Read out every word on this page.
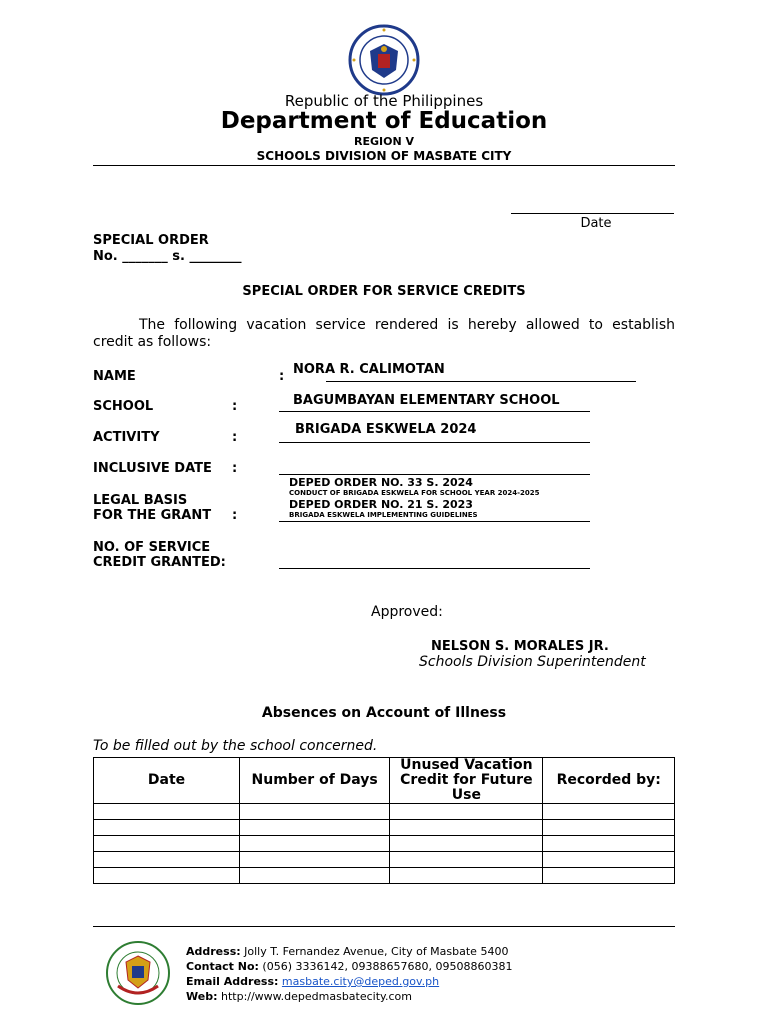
Republic of the Philippines
Department of Education
REGION V
SCHOOLS DIVISION OF MASBATE CITY
Date
SPECIAL ORDER
No. _______ s. ________
SPECIAL ORDER FOR SERVICE CREDITS
The following vacation service rendered is hereby allowed to establish credit as follows:
NAME	: NORA R. CALIMOTAN
SCHOOL	:	BAGUMBAYAN ELEMENTARY SCHOOL
ACTIVITY	:
BRIGADA ESKWELA 2024
INCLUSIVE DATE :
LEGAL BASIS
FOR THE GRANT :
DEPED ORDER NO. 33 S. 2024
CONDUCT OF BRIGADA ESKWELA FOR SCHOOL YEAR 2024-2025
DEPED ORDER NO. 21 S. 2023
BRIGADA ESKWELA IMPLEMENTING GUIDELINES
NO. OF SERVICE
CREDIT GRANTED:
Approved:
NELSON S. MORALES JR.
Schools Division Superintendent
Absences on Account of Illness
To be filled out by the school concerned.
Date	Number of Days	Unused Vacation Credit for Future Use	Recorded by:

Address: Jolly T. Fernandez Avenue, City of Masbate 5400
Contact No: (056) 3336142, 09388657680, 09508860381
Email Address: masbate.city@deped.gov.ph
Web: http://www.depedmasbatecity.com
